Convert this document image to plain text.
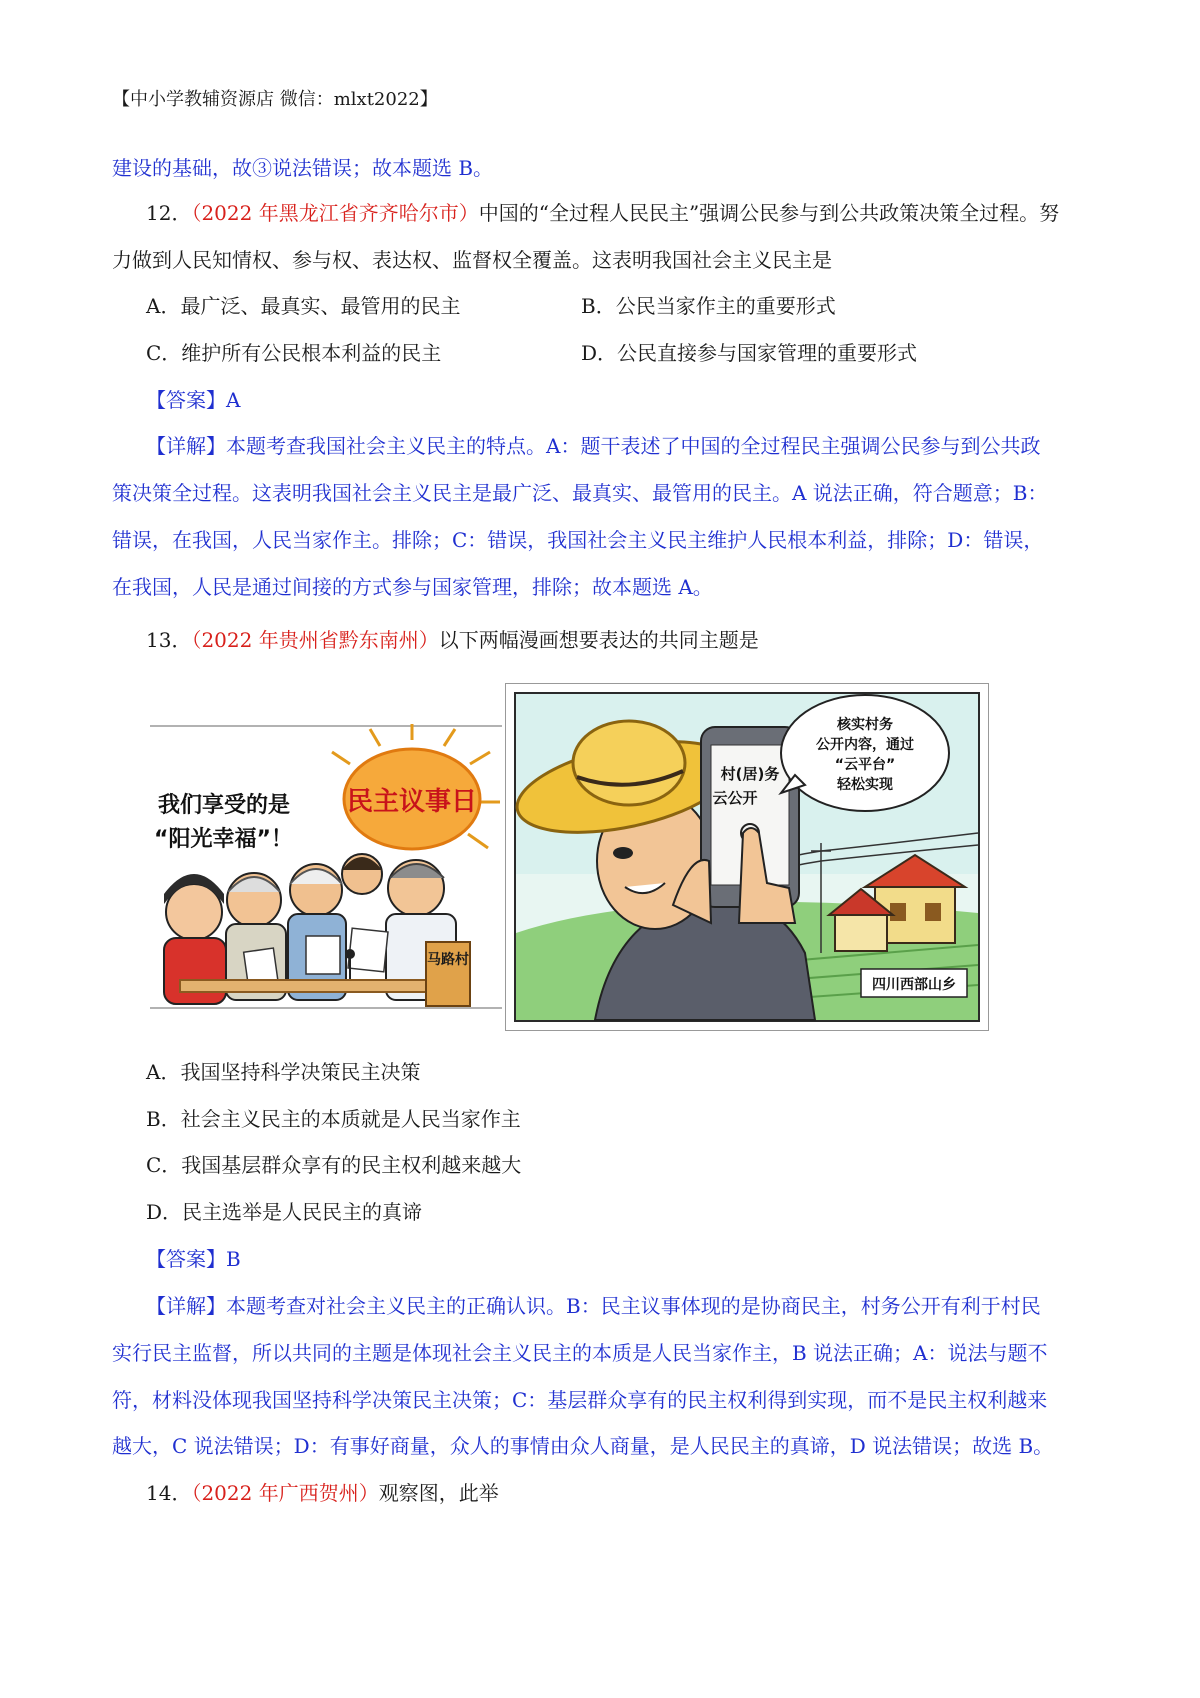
【中小学教辅资源店 微信：mlxt2022】
建设的基础，故③说法错误；故本题选 B。
12．（2022 年黑龙江省齐齐哈尔市）中国的“全过程人民民主”强调公民参与到公共政策决策全过程。努
力做到人民知情权、参与权、表达权、监督权全覆盖。这表明我国社会主义民主是
A．最广泛、最真实、最管用的民主	B．公民当家作主的重要形式
C．维护所有公民根本利益的民主	D．公民直接参与国家管理的重要形式
【答案】A
【详解】本题考查我国社会主义民主的特点。A：题干表述了中国的全过程民主强调公民参与到公共政
策决策全过程。这表明我国社会主义民主是最广泛、最真实、最管用的民主。A 说法正确，符合题意；B：
错误，在我国，人民当家作主。排除；C：错误，我国社会主义民主维护人民根本利益，排除；D：错误，
在我国，人民是通过间接的方式参与国家管理，排除；故本题选 A。
13．（2022 年贵州省黔东南州）以下两幅漫画想要表达的共同主题是
民主议事日
我们享受的是
“阳光幸福”！
马路村
村(居)务
云公开
核实村务
公开内容，通过
“云平台”
轻松实现
四川西部山乡
A．我国坚持科学决策民主决策
B．社会主义民主的本质就是人民当家作主
C．我国基层群众享有的民主权利越来越大
D．民主选举是人民民主的真谛
【答案】B
【详解】本题考查对社会主义民主的正确认识。B：民主议事体现的是协商民主，村务公开有利于村民
实行民主监督，所以共同的主题是体现社会主义民主的本质是人民当家作主，B 说法正确；A：说法与题不
符，材料没体现我国坚持科学决策民主决策；C：基层群众享有的民主权利得到实现，而不是民主权利越来
越大，C 说法错误；D：有事好商量，众人的事情由众人商量，是人民民主的真谛，D 说法错误；故选 B。
14．（2022 年广西贺州）观察图，此举
